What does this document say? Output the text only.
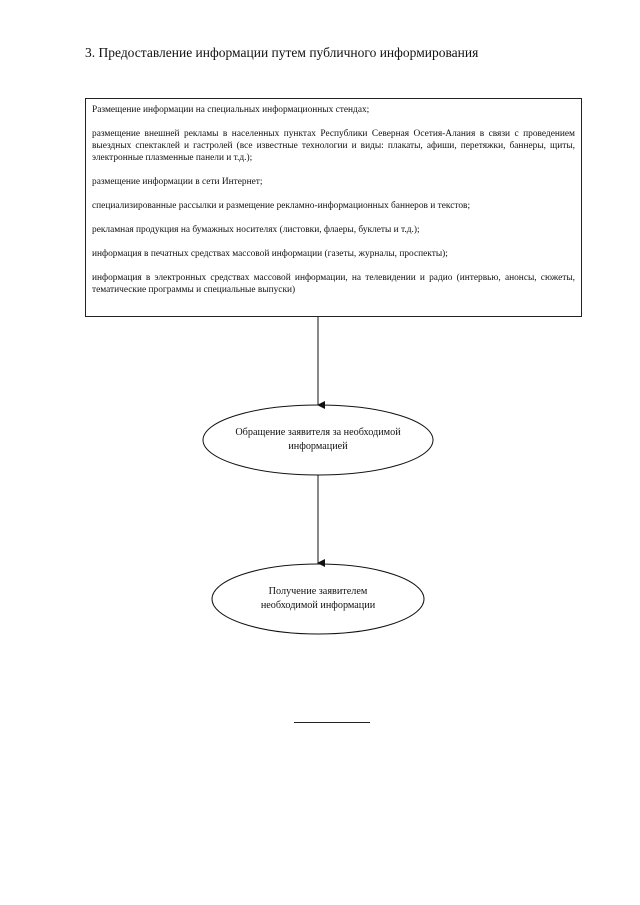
3. Предоставление информации путем публичного информирования

Размещение информации на специальных информационных стендах;

размещение внешней рекламы в населенных пунктах Республики Северная Осетия-Алания в связи с проведением выездных спектаклей и гастролей (все известные технологии и виды: плакаты, афиши, перетяжки, баннеры, щиты, электронные плазменные панели и т.д.);

размещение информации в сети Интернет;

специализированные рассылки и размещение рекламно-информационных баннеров и текстов;

рекламная продукция на бумажных носителях (листовки, флаеры, буклеты и т.д.);

информация в печатных средствах массовой информации (газеты, журналы, проспекты);

информация в электронных средствах массовой информации, на телевидении и радио (интервью, анонсы, сюжеты, тематические программы и специальные выпуски)

Обращение заявителя за необходимой информацией
Получение заявителем необходимой информации
